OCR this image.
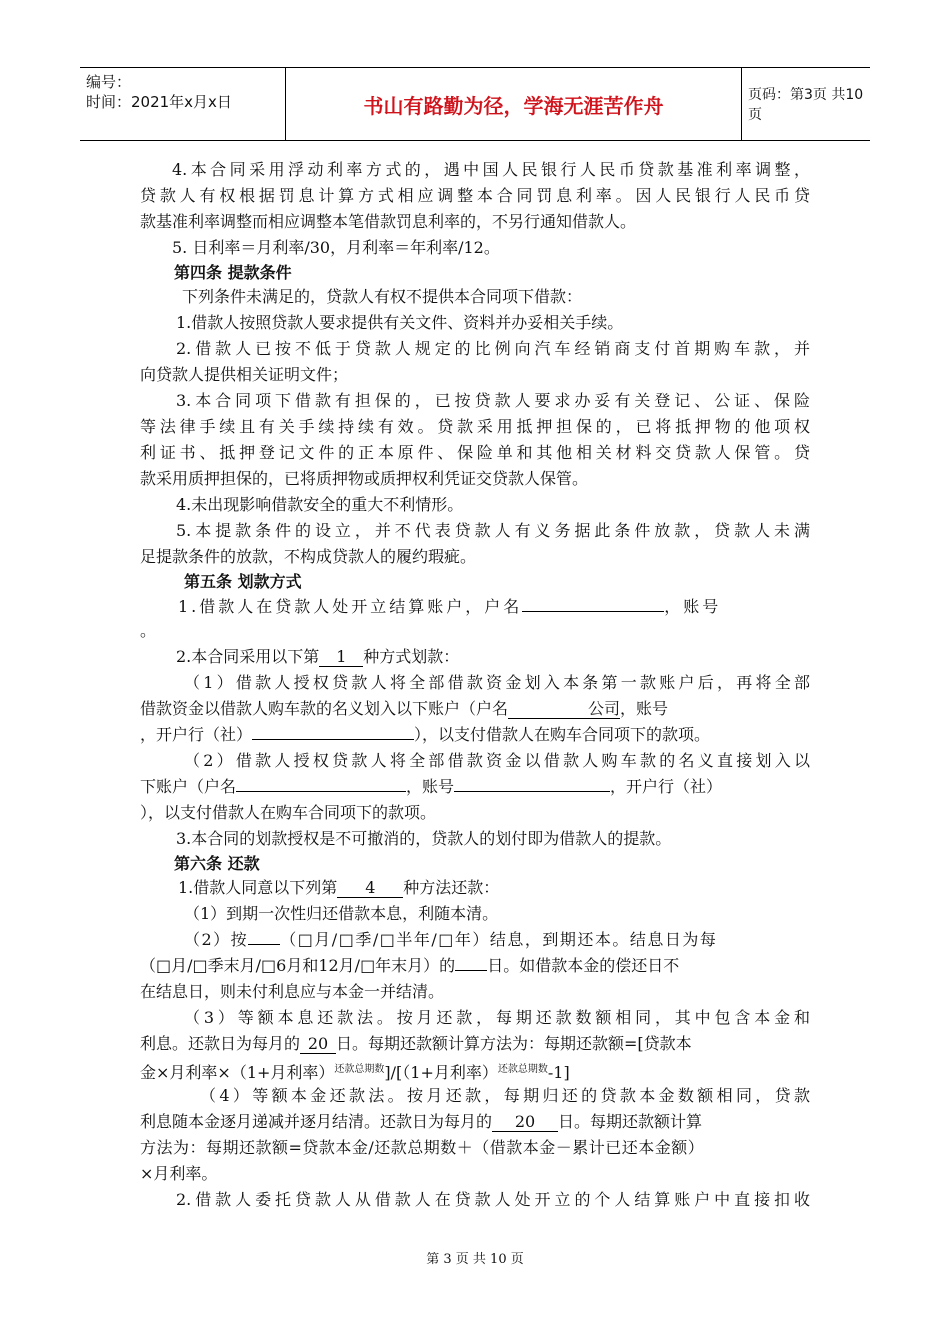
编号：
时间：2021年x月x日	书山有路勤为径，学海无涯苦作舟	页码：第3页 共10页
4.本合同采用浮动利率方式的，遇中国人民银行人民币贷款基准利率调整，
贷款人有权根据罚息计算方式相应调整本合同罚息利率。因人民银行人民币贷
款基准利率调整而相应调整本笔借款罚息利率的，不另行通知借款人。
5. 日利率＝月利率/30，月利率＝年利率/12。
第四条 提款条件
下列条件未满足的，贷款人有权不提供本合同项下借款：
1.借款人按照贷款人要求提供有关文件、资料并办妥相关手续。
2.借款人已按不低于贷款人规定的比例向汽车经销商支付首期购车款，并
向贷款人提供相关证明文件；
3.本合同项下借款有担保的，已按贷款人要求办妥有关登记、公证、保险
等法律手续且有关手续持续有效。贷款采用抵押担保的，已将抵押物的他项权
利证书、抵押登记文件的正本原件、保险单和其他相关材料交贷款人保管。贷
款采用质押担保的，已将质押物或质押权利凭证交贷款人保管。
4.未出现影响借款安全的重大不利情形。
5.本提款条件的设立，并不代表贷款人有义务据此条件放款，贷款人未满
足提款条件的放款，不构成贷款人的履约瑕疵。
第五条 划款方式
1.借款人在贷款人处开立结算账户，户名	，账号
。
2.本合同采用以下第 1 种方式划款：
（1）借款人授权贷款人将全部借款资金划入本条第一款账户后，再将全部
借款资金以借款人购车款的名义划入以下账户（户名	公司，账号
，开户行（社）	），以支付借款人在购车合同项下的款项。
（2）借款人授权贷款人将全部借款资金以借款人购车款的名义直接划入以
下账户（户名	，账号	，开户行（社）
），以支付借款人在购车合同项下的款项。
3.本合同的划款授权是不可撤消的，贷款人的划付即为借款人的提款。
第六条 还款
1.借款人同意以下列第 4 种方法还款：
（1）到期一次性归还借款本息，利随本清。
（2）按 （□月/□季/□半年/□年）结息，到期还本。结息日为每
（□月/□季末月/□6月和12月/□年末月）的 日。如借款本金的偿还日不
在结息日，则未付利息应与本金一并结清。
（3）等额本息还款法。按月还款，每期还款数额相同，其中包含本金和
利息。还款日为每月的 20 日。每期还款额计算方法为：每期还款额=[贷款本
金×月利率×（1+月利率）$^{还款总期数}$]/[（1+月利率）$^{还款总期数}$-1]
（4）等额本金还款法。按月还款，每期归还的贷款本金数额相同，贷款
利息随本金逐月递减并逐月结清。还款日为每月的 20 日。每期还款额计算
方法为：每期还款额=贷款本金/还款总期数＋（借款本金－累计已还本金额）
×月利率。
2.借款人委托贷款人从借款人在贷款人处开立的个人结算账户中直接扣收
第 3 页 共 10 页
